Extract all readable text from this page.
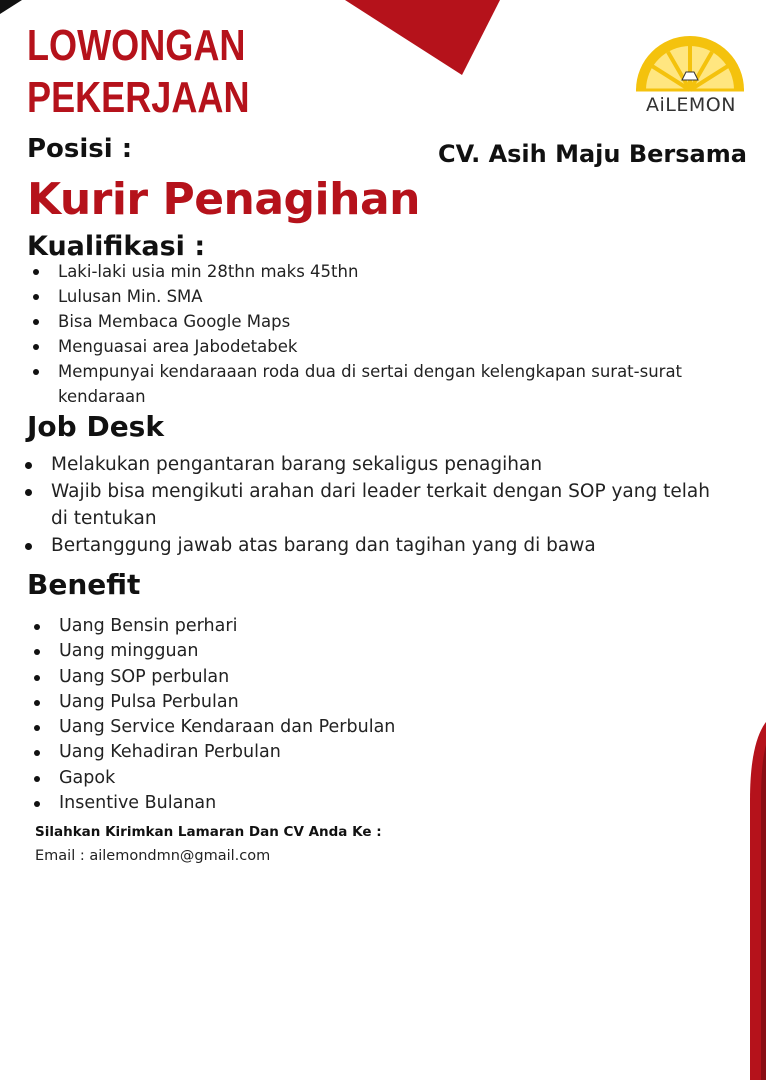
LOWONGAN
PEKERJAAN	AiLEMON
Posisi :	CV. Asih Maju Bersama
Kurir Penagihan
Kualifikasi :
Laki-laki usia min 28thn maks 45thn
Lulusan Min. SMA
Bisa Membaca Google Maps
Menguasai area Jabodetabek
Mempunyai kendaraaan roda dua di sertai dengan kelengkapan surat-surat kendaraan
Job Desk
Melakukan pengantaran barang sekaligus penagihan
Wajib bisa mengikuti arahan dari leader terkait dengan SOP yang telah di tentukan
Bertanggung jawab atas barang dan tagihan yang di bawa
Benefit
Uang Bensin perhari
Uang mingguan
Uang SOP perbulan
Uang Pulsa Perbulan
Uang Service Kendaraan dan Perbulan
Uang Kehadiran Perbulan
Gapok
Insentive Bulanan

Silahkan Kirimkan Lamaran Dan CV Anda Ke :

Email : ailemondmn@gmail.com
